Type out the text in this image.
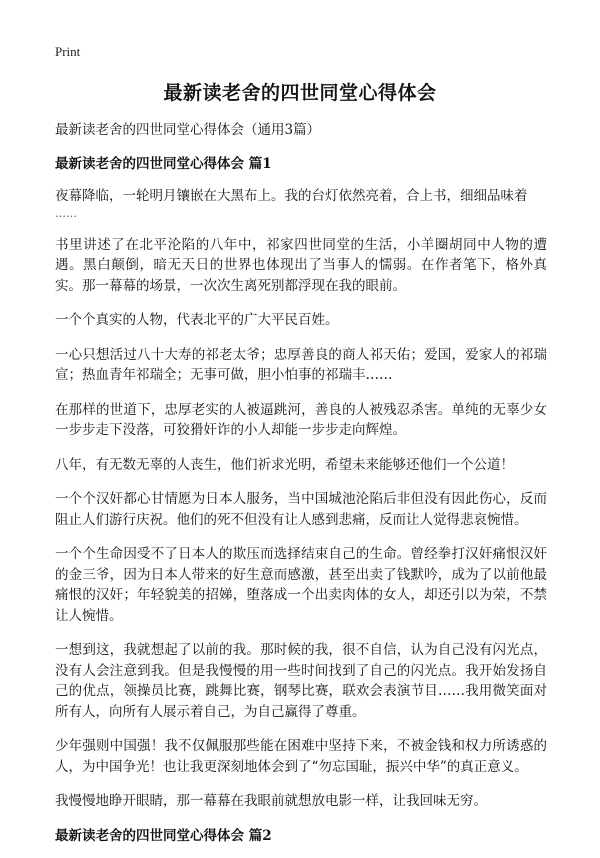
Print
最新读老舍的四世同堂心得体会
最新读老舍的四世同堂心得体会（通用3篇）
最新读老舍的四世同堂心得体会 篇1
夜幕降临，一轮明月镶嵌在大黑布上。我的台灯依然亮着，合上书，细细品味着
……
书里讲述了在北平沦陷的八年中，祁家四世同堂的生活，小羊圈胡同中人物的遭遇。黑白颠倒，暗无天日的世界也体现出了当事人的懦弱。在作者笔下，格外真实。那一幕幕的场景，一次次生离死别都浮现在我的眼前。
一个个真实的人物，代表北平的广大平民百姓。
一心只想活过八十大寿的祁老太爷；忠厚善良的商人祁天佑；爱国，爱家人的祁瑞宣；热血青年祁瑞全；无事可做，胆小怕事的祁瑞丰……
在那样的世道下，忠厚老实的人被逼跳河，善良的人被残忍杀害。单纯的无辜少女一步步走下没落，可狡猾奸诈的小人却能一步步走向辉煌。
八年，有无数无辜的人丧生，他们祈求光明，希望未来能够还他们一个公道！
一个个汉奸都心甘情愿为日本人服务，当中国城池沦陷后非但没有因此伤心，反而阻止人们游行庆祝。他们的死不但没有让人感到悲痛，反而让人觉得悲哀惋惜。
一个个生命因受不了日本人的欺压而选择结束自己的生命。曾经拳打汉奸痛恨汉奸的金三爷，因为日本人带来的好生意而感激，甚至出卖了钱默吟，成为了以前他最痛恨的汉奸；年轻貌美的招娣，堕落成一个出卖肉体的女人，却还引以为荣，不禁让人惋惜。
一想到这，我就想起了以前的我。那时候的我，很不自信，认为自己没有闪光点，没有人会注意到我。但是我慢慢的用一些时间找到了自己的闪光点。我开始发扬自己的优点，领操员比赛，跳舞比赛，钢琴比赛，联欢会表演节目……我用微笑面对所有人，向所有人展示着自己，为自己赢得了尊重。
少年强则中国强！我不仅佩服那些能在困难中坚持下来，不被金钱和权力所诱惑的人，为中国争光！也让我更深刻地体会到了“勿忘国耻，振兴中华”的真正意义。
我慢慢地睁开眼睛，那一幕幕在我眼前就想放电影一样，让我回味无穷。
最新读老舍的四世同堂心得体会 篇2
